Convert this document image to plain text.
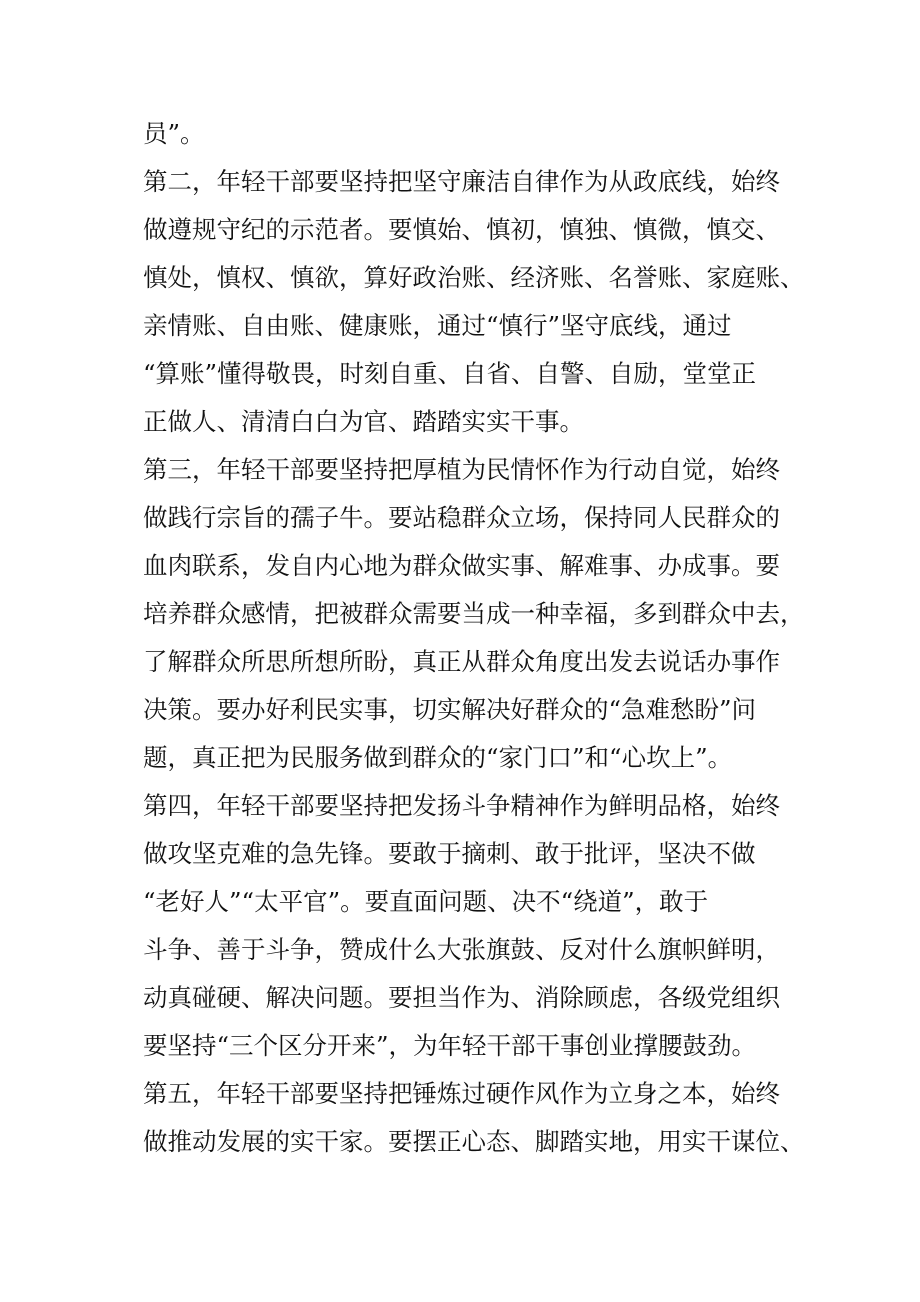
员”。
第二，年轻干部要坚持把坚守廉洁自律作为从政底线，始终
做遵规守纪的示范者。要慎始、慎初，慎独、慎微，慎交、
慎处，慎权、慎欲，算好政治账、经济账、名誉账、家庭账、
亲情账、自由账、健康账，通过“慎行”坚守底线，通过
“算账”懂得敬畏，时刻自重、自省、自警、自励，堂堂正
正做人、清清白白为官、踏踏实实干事。
第三，年轻干部要坚持把厚植为民情怀作为行动自觉，始终
做践行宗旨的孺子牛。要站稳群众立场，保持同人民群众的
血肉联系，发自内心地为群众做实事、解难事、办成事。要
培养群众感情，把被群众需要当成一种幸福，多到群众中去，
了解群众所思所想所盼，真正从群众角度出发去说话办事作
决策。要办好利民实事，切实解决好群众的“急难愁盼”问
题，真正把为民服务做到群众的“家门口”和“心坎上”。
第四，年轻干部要坚持把发扬斗争精神作为鲜明品格，始终
做攻坚克难的急先锋。要敢于摘刺、敢于批评，坚决不做
“老好人”“太平官”。要直面问题、决不“绕道”，敢于
斗争、善于斗争，赞成什么大张旗鼓、反对什么旗帜鲜明，
动真碰硬、解决问题。要担当作为、消除顾虑，各级党组织
要坚持“三个区分开来”，为年轻干部干事创业撑腰鼓劲。
第五，年轻干部要坚持把锤炼过硬作风作为立身之本，始终
做推动发展的实干家。要摆正心态、脚踏实地，用实干谋位、
